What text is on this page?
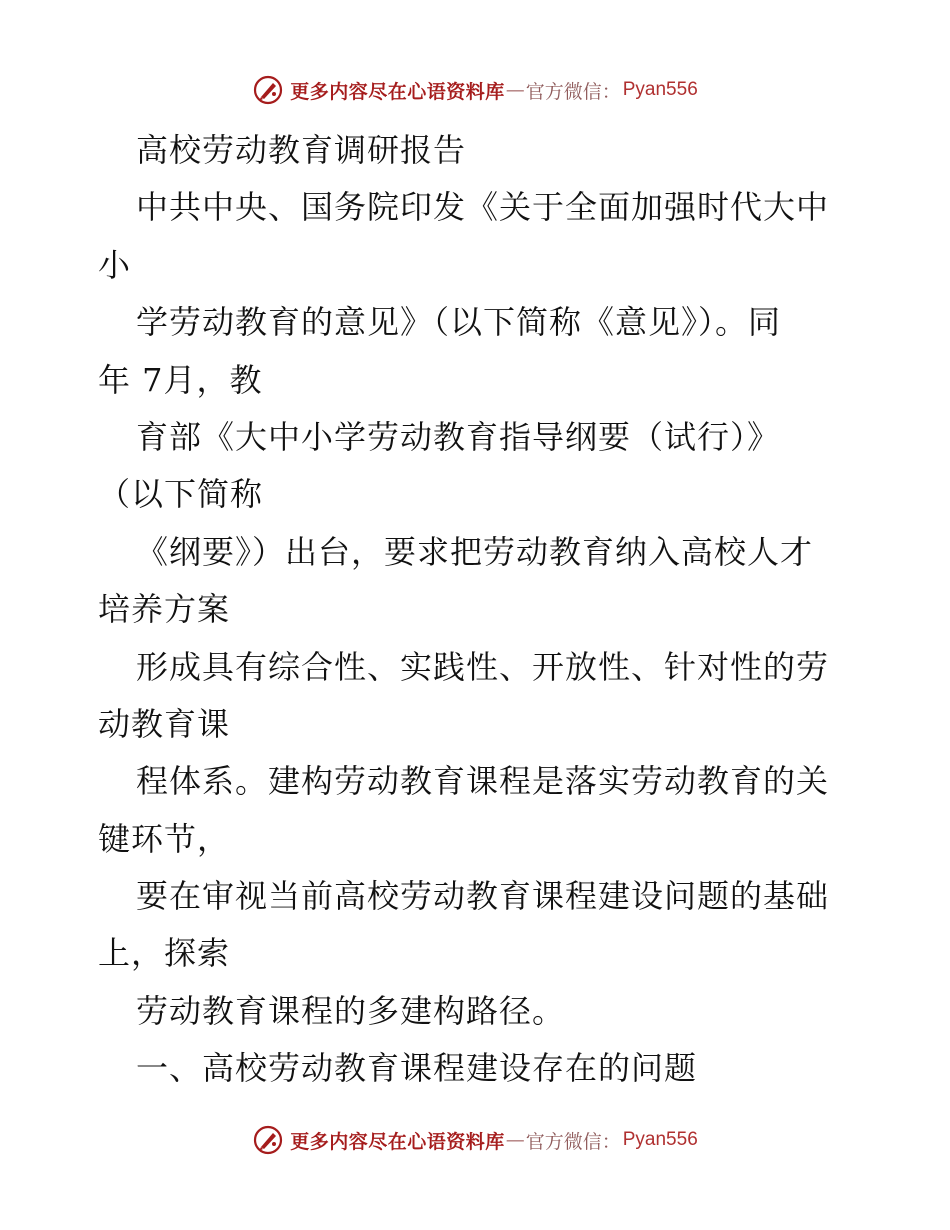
更多内容尽在心语资料库 — 官方微信： Pyan556
高校劳动教育调研报告
中共中央、国务院印发《关于全面加强时代大中
小
学劳动教育的意见》（以下简称《意见》）。同
年 7月，教
育部《大中小学劳动教育指导纲要（试行）》
（以下简称
《纲要》）出台，要求把劳动教育纳入高校人才
培养方案
形成具有综合性、实践性、开放性、针对性的劳
动教育课
程体系。建构劳动教育课程是落实劳动教育的关
键环节，
要在审视当前高校劳动教育课程建设问题的基础
上，探索
劳动教育课程的多建构路径。
一、高校劳动教育课程建设存在的问题
更多内容尽在心语资料库 — 官方微信： Pyan556
